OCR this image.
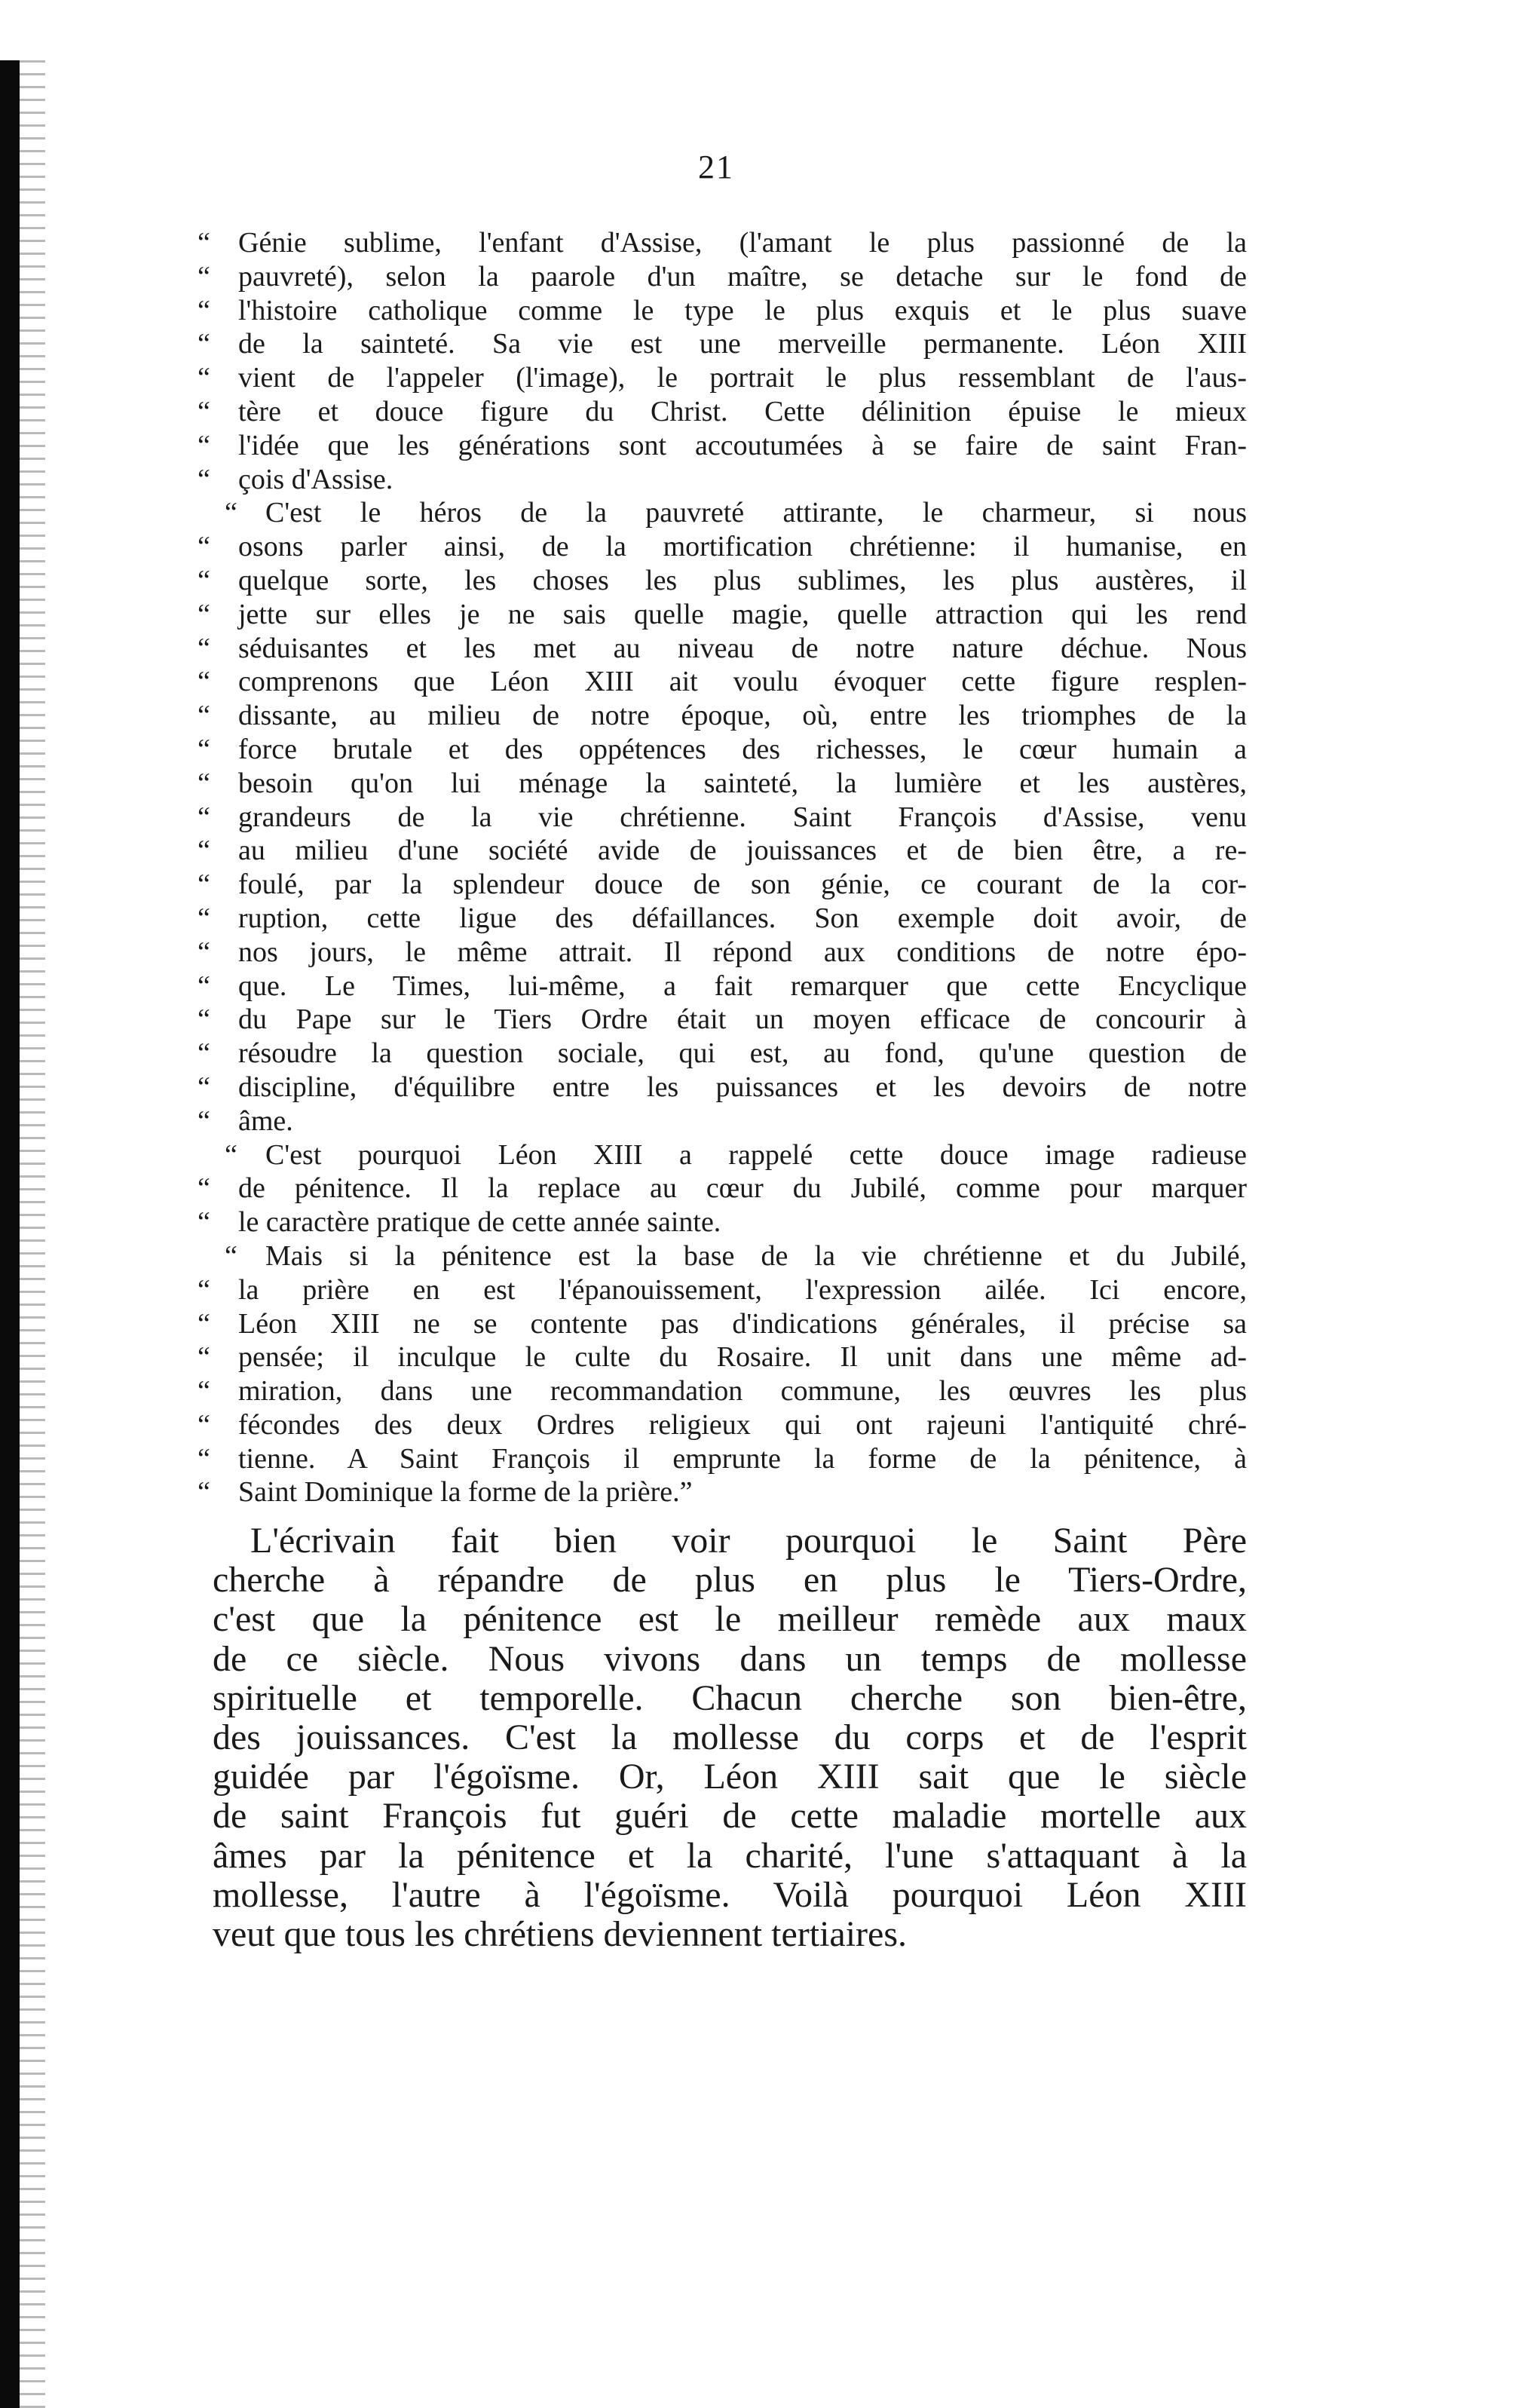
21
“ Génie sublime, l'enfant d'Assise, (l'amant le plus passionné de la
“ pauvreté), selon la paarole d'un maître, se detache sur le fond de
“ l'histoire catholique comme le type le plus exquis et le plus suave
“ de la sainteté. Sa vie est une merveille permanente. Léon XIII
“ vient de l'appeler (l'image), le portrait le plus ressemblant de l'aus-
“ tère et douce figure du Christ. Cette délinition épuise le mieux
“ l'idée que les générations sont accoutumées à se faire de saint Fran-
“ çois d'Assise.
“ C'est le héros de la pauvreté attirante, le charmeur, si nous
“ osons parler ainsi, de la mortification chrétienne: il humanise, en
“ quelque sorte, les choses les plus sublimes, les plus austères, il
“ jette sur elles je ne sais quelle magie, quelle attraction qui les rend
“ séduisantes et les met au niveau de notre nature déchue. Nous
“ comprenons que Léon XIII ait voulu évoquer cette figure resplen-
“ dissante, au milieu de notre époque, où, entre les triomphes de la
“ force brutale et des oppétences des richesses, le cœur humain a
“ besoin qu'on lui ménage la sainteté, la lumière et les austères,
“ grandeurs de la vie chrétienne. Saint François d'Assise, venu
“ au milieu d'une société avide de jouissances et de bien être, a re-
“ foulé, par la splendeur douce de son génie, ce courant de la cor-
“ ruption, cette ligue des défaillances. Son exemple doit avoir, de
“ nos jours, le même attrait. Il répond aux conditions de notre épo-
“ que. Le Times, lui-même, a fait remarquer que cette Encyclique
“ du Pape sur le Tiers Ordre était un moyen efficace de concourir à
“ résoudre la question sociale, qui est, au fond, qu'une question de
“ discipline, d'équilibre entre les puissances et les devoirs de notre
“ âme.
“ C'est pourquoi Léon XIII a rappelé cette douce image radieuse
“ de pénitence. Il la replace au cœur du Jubilé, comme pour marquer
“ le caractère pratique de cette année sainte.
“ Mais si la pénitence est la base de la vie chrétienne et du Jubilé,
“ la prière en est l'épanouissement, l'expression ailée. Ici encore,
“ Léon XIII ne se contente pas d'indications générales, il précise sa
“ pensée; il inculque le culte du Rosaire. Il unit dans une même ad-
“ miration, dans une recommandation commune, les œuvres les plus
“ fécondes des deux Ordres religieux qui ont rajeuni l'antiquité chré-
“ tienne. A Saint François il emprunte la forme de la pénitence, à
“ Saint Dominique la forme de la prière.”
L'écrivain fait bien voir pourquoi le Saint Père
cherche à répandre de plus en plus le Tiers-Ordre,
c'est que la pénitence est le meilleur remède aux maux
de ce siècle. Nous vivons dans un temps de mollesse
spirituelle et temporelle. Chacun cherche son bien-être,
des jouissances. C'est la mollesse du corps et de l'esprit
guidée par l'égoïsme. Or, Léon XIII sait que le siècle
de saint François fut guéri de cette maladie mortelle aux
âmes par la pénitence et la charité, l'une s'attaquant à la
mollesse, l'autre à l'égoïsme. Voilà pourquoi Léon XIII
veut que tous les chrétiens deviennent tertiaires.
